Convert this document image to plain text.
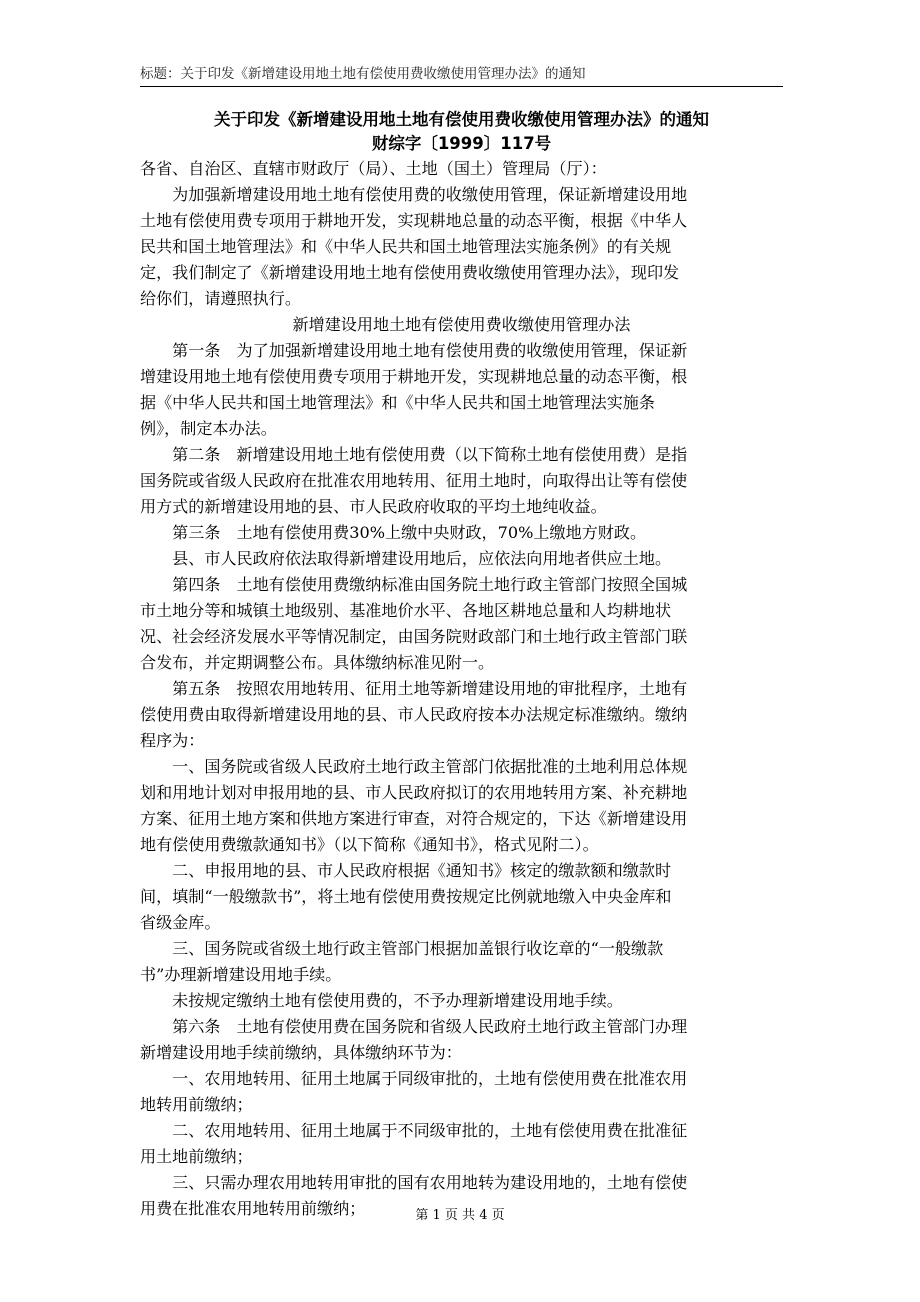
标题：关于印发《新增建设用地土地有偿使用费收缴使用管理办法》的通知
关于印发《新增建设用地土地有偿使用费收缴使用管理办法》的通知
财综字〔1999〕117号

各省、自治区、直辖市财政厅（局）、土地（国土）管理局（厅）：

　　为加强新增建设用地土地有偿使用费的收缴使用管理，保证新增建设用地

土地有偿使用费专项用于耕地开发，实现耕地总量的动态平衡，根据《中华人

民共和国土地管理法》和《中华人民共和国土地管理法实施条例》的有关规

定，我们制定了《新增建设用地土地有偿使用费收缴使用管理办法》，现印发

给你们，请遵照执行。

新增建设用地土地有偿使用费收缴使用管理办法

　　第一条　为了加强新增建设用地土地有偿使用费的收缴使用管理，保证新

增建设用地土地有偿使用费专项用于耕地开发，实现耕地总量的动态平衡，根

据《中华人民共和国土地管理法》和《中华人民共和国土地管理法实施条

例》，制定本办法。

　　第二条　新增建设用地土地有偿使用费（以下简称土地有偿使用费）是指

国务院或省级人民政府在批准农用地转用、征用土地时，向取得出让等有偿使

用方式的新增建设用地的县、市人民政府收取的平均土地纯收益。

　　第三条　土地有偿使用费30%上缴中央财政，70%上缴地方财政。

　　县、市人民政府依法取得新增建设用地后，应依法向用地者供应土地。

　　第四条　土地有偿使用费缴纳标准由国务院土地行政主管部门按照全国城

市土地分等和城镇土地级别、基准地价水平、各地区耕地总量和人均耕地状

况、社会经济发展水平等情况制定，由国务院财政部门和土地行政主管部门联

合发布，并定期调整公布。具体缴纳标准见附一。

　　第五条　按照农用地转用、征用土地等新增建设用地的审批程序，土地有

偿使用费由取得新增建设用地的县、市人民政府按本办法规定标准缴纳。缴纳

程序为：

　　一、国务院或省级人民政府土地行政主管部门依据批准的土地利用总体规

划和用地计划对申报用地的县、市人民政府拟订的农用地转用方案、补充耕地

方案、征用土地方案和供地方案进行审查，对符合规定的，下达《新增建设用

地有偿使用费缴款通知书》（以下简称《通知书》，格式见附二）。

　　二、申报用地的县、市人民政府根据《通知书》核定的缴款额和缴款时

间，填制“一般缴款书”，将土地有偿使用费按规定比例就地缴入中央金库和

省级金库。

　　三、国务院或省级土地行政主管部门根据加盖银行收讫章的“一般缴款

书”办理新增建设用地手续。

　　未按规定缴纳土地有偿使用费的，不予办理新增建设用地手续。

　　第六条　土地有偿使用费在国务院和省级人民政府土地行政主管部门办理

新增建设用地手续前缴纳，具体缴纳环节为：

　　一、农用地转用、征用土地属于同级审批的，土地有偿使用费在批准农用

地转用前缴纳；

　　二、农用地转用、征用土地属于不同级审批的，土地有偿使用费在批准征

用土地前缴纳；

　　三、只需办理农用地转用审批的国有农用地转为建设用地的，土地有偿使

用费在批准农用地转用前缴纳；	第 1 页 共 4 页
